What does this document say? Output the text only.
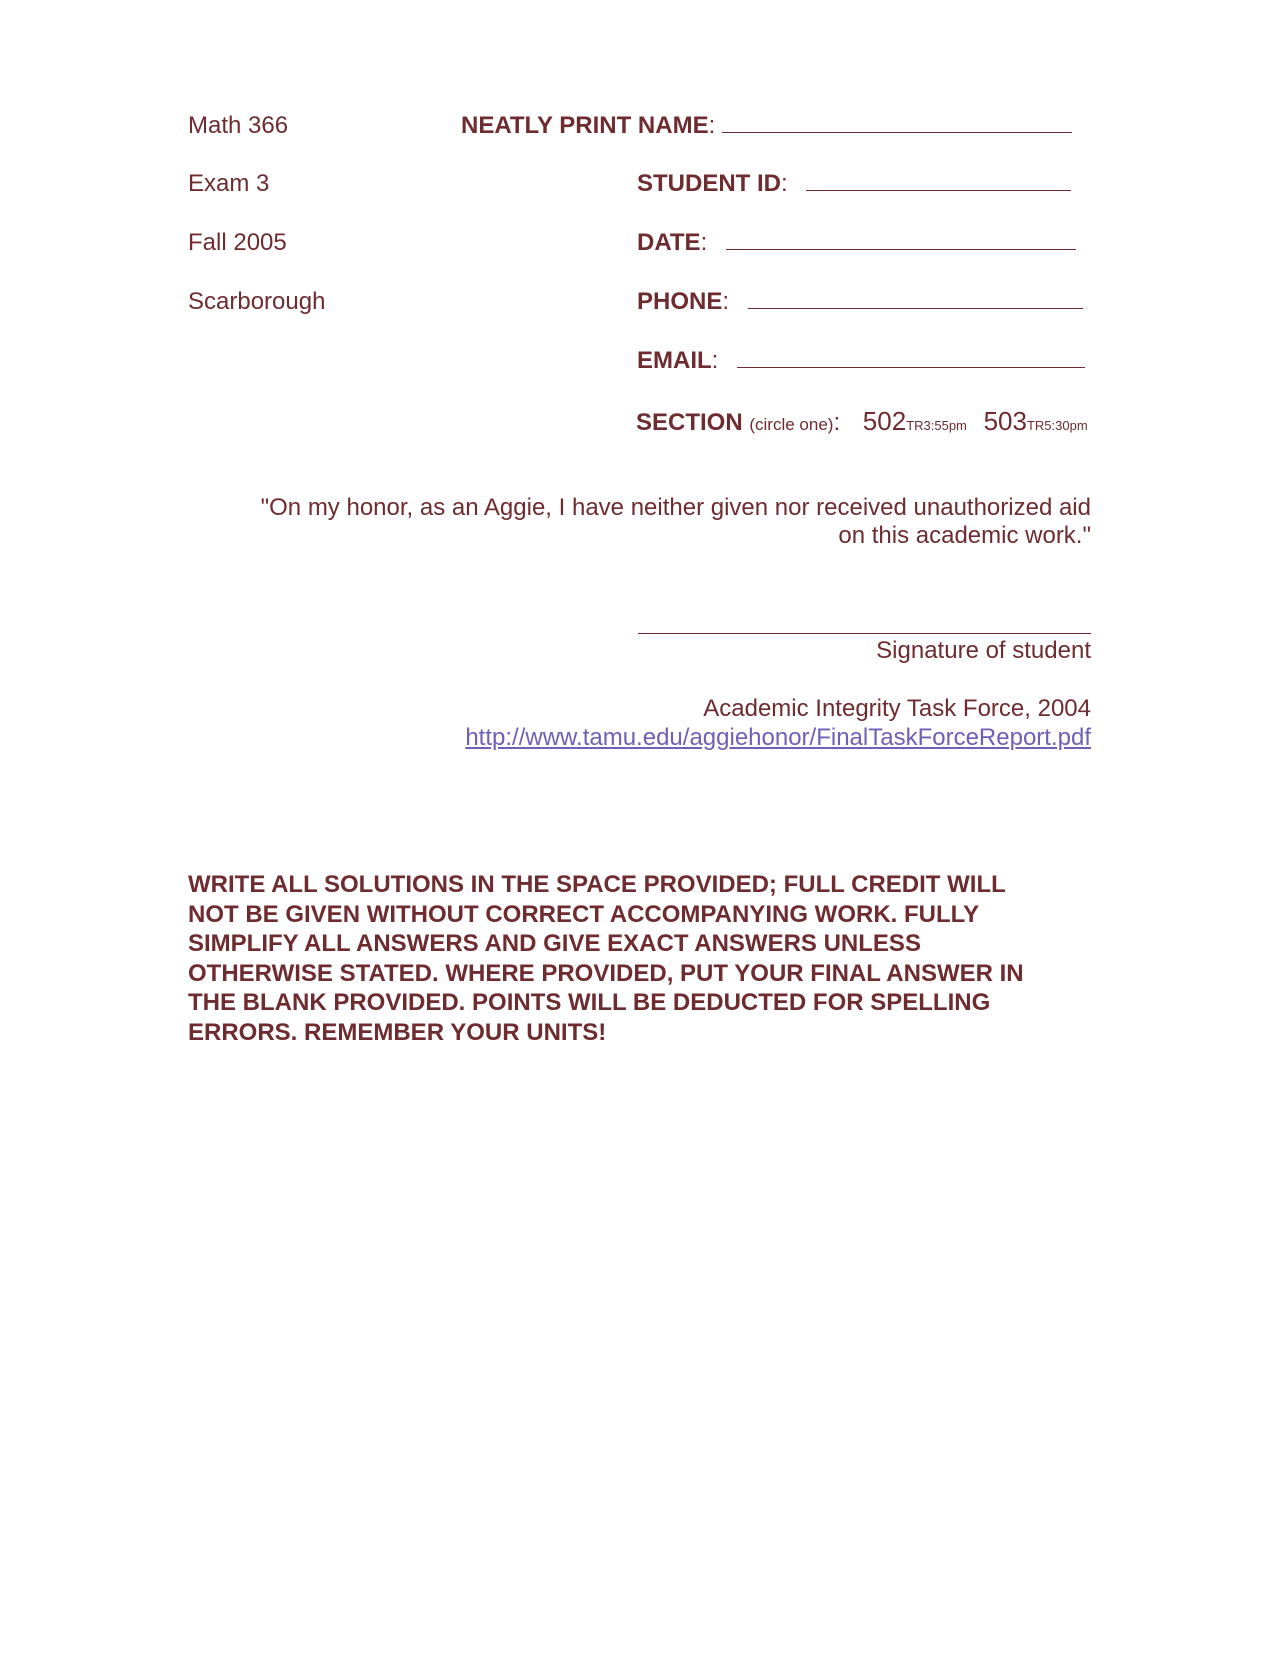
Math 366
Exam 3
Fall 2005
Scarborough
NEATLY PRINT NAME:
STUDENT ID:
DATE:
PHONE:
EMAIL:
SECTION (circle one): 502TR3:55pm 503TR5:30pm
"On my honor, as an Aggie, I have neither given nor received unauthorized aid
on this academic work."
Signature of student
Academic Integrity Task Force, 2004
http://www.tamu.edu/aggiehonor/FinalTaskForceReport.pdf
WRITE ALL SOLUTIONS IN THE SPACE PROVIDED; FULL CREDIT WILL
NOT BE GIVEN WITHOUT CORRECT ACCOMPANYING WORK. FULLY
SIMPLIFY ALL ANSWERS AND GIVE EXACT ANSWERS UNLESS
OTHERWISE STATED. WHERE PROVIDED, PUT YOUR FINAL ANSWER IN
THE BLANK PROVIDED. POINTS WILL BE DEDUCTED FOR SPELLING
ERRORS. REMEMBER YOUR UNITS!
